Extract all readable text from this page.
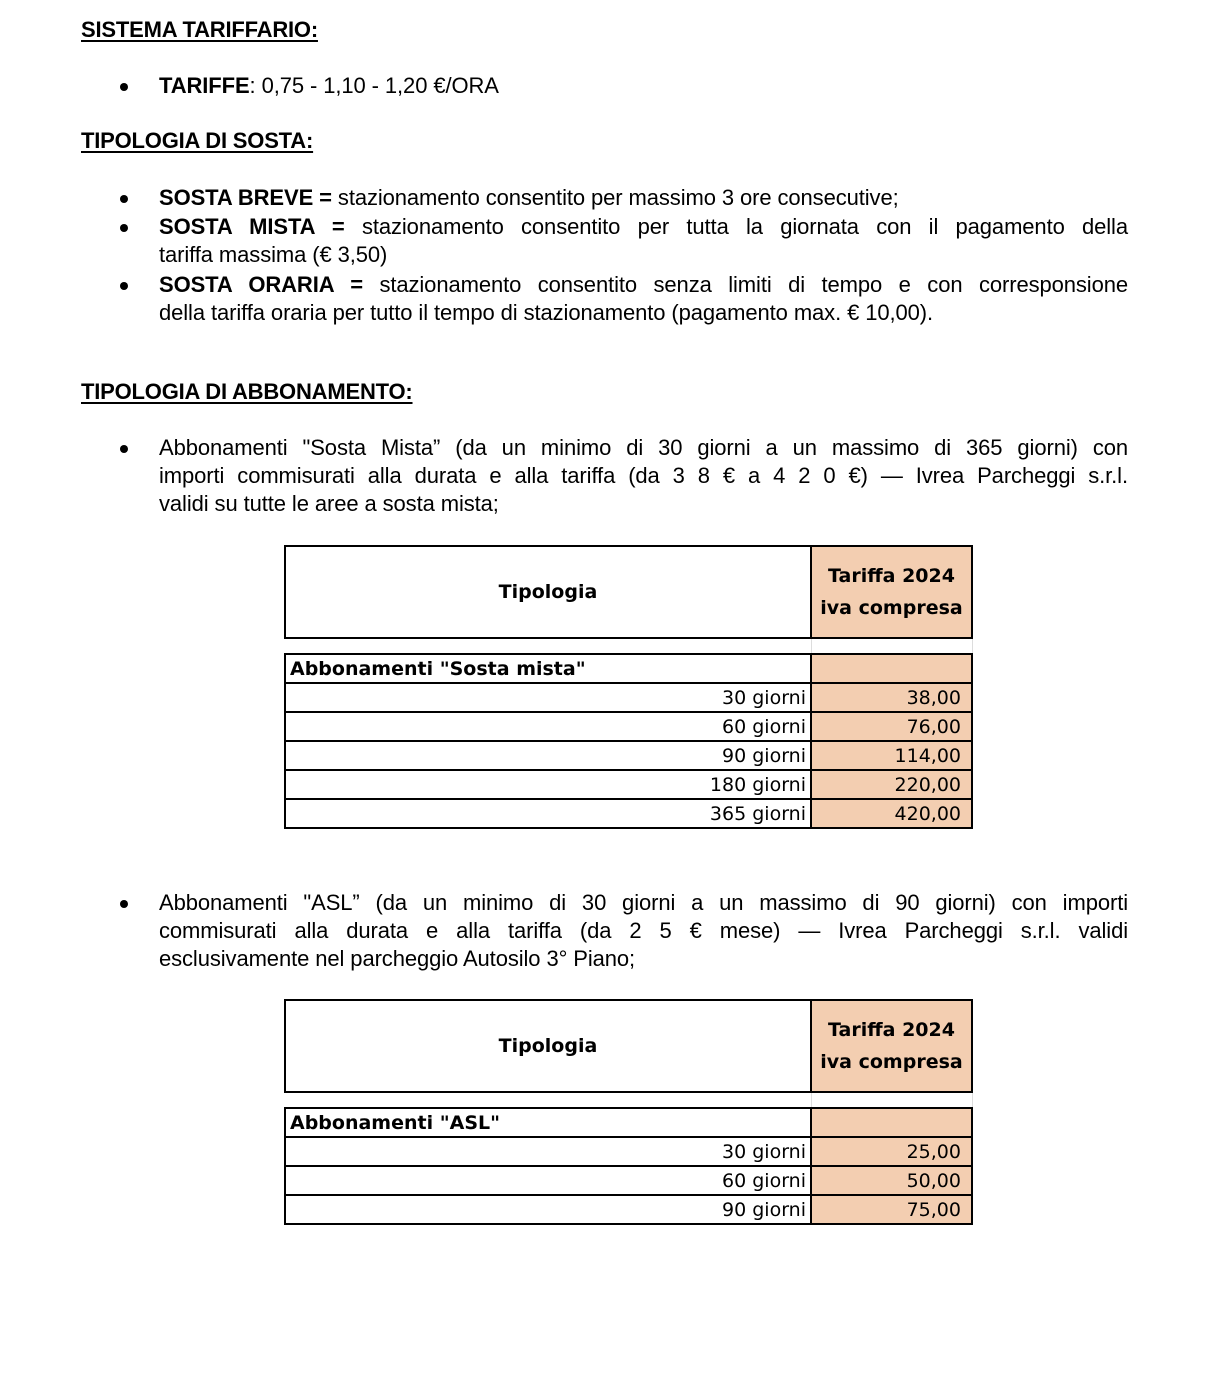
SISTEMA TARIFFARIO:
TARIFFE: 0,75 - 1,10 - 1,20 €/ORA
TIPOLOGIA DI SOSTA:
SOSTA BREVE = stazionamento consentito per massimo 3 ore consecutive;
SOSTA MISTA = stazionamento consentito per tutta la giornata con il pagamento della
tariffa massima (€ 3,50)
SOSTA ORARIA = stazionamento consentito senza limiti di tempo e con corresponsione
della tariffa oraria per tutto il tempo di stazionamento (pagamento max. € 10,00).
TIPOLOGIA DI ABBONAMENTO:
Abbonamenti "Sosta Mista” (da un minimo di 30 giorni a un massimo di 365 giorni) con
importi commisurati alla durata e alla tariffa (da 3 8 € a 4 2 0 €) — Ivrea Parcheggi s.r.l.
validi su tutte le aree a sosta mista;
Tipologia	Tariffa 2024
iva compresa

Abbonamenti "Sosta mista"	
30 giorni	38,00
60 giorni	76,00
90 giorni	114,00
180 giorni	220,00
365 giorni	420,00
Abbonamenti "ASL” (da un minimo di 30 giorni a un massimo di 90 giorni) con importi
commisurati alla durata e alla tariffa (da 2 5 € mese) — Ivrea Parcheggi s.r.l. validi
esclusivamente nel parcheggio Autosilo 3° Piano;
Tipologia	Tariffa 2024
iva compresa

Abbonamenti "ASL"	
30 giorni	25,00
60 giorni	50,00
90 giorni	75,00
